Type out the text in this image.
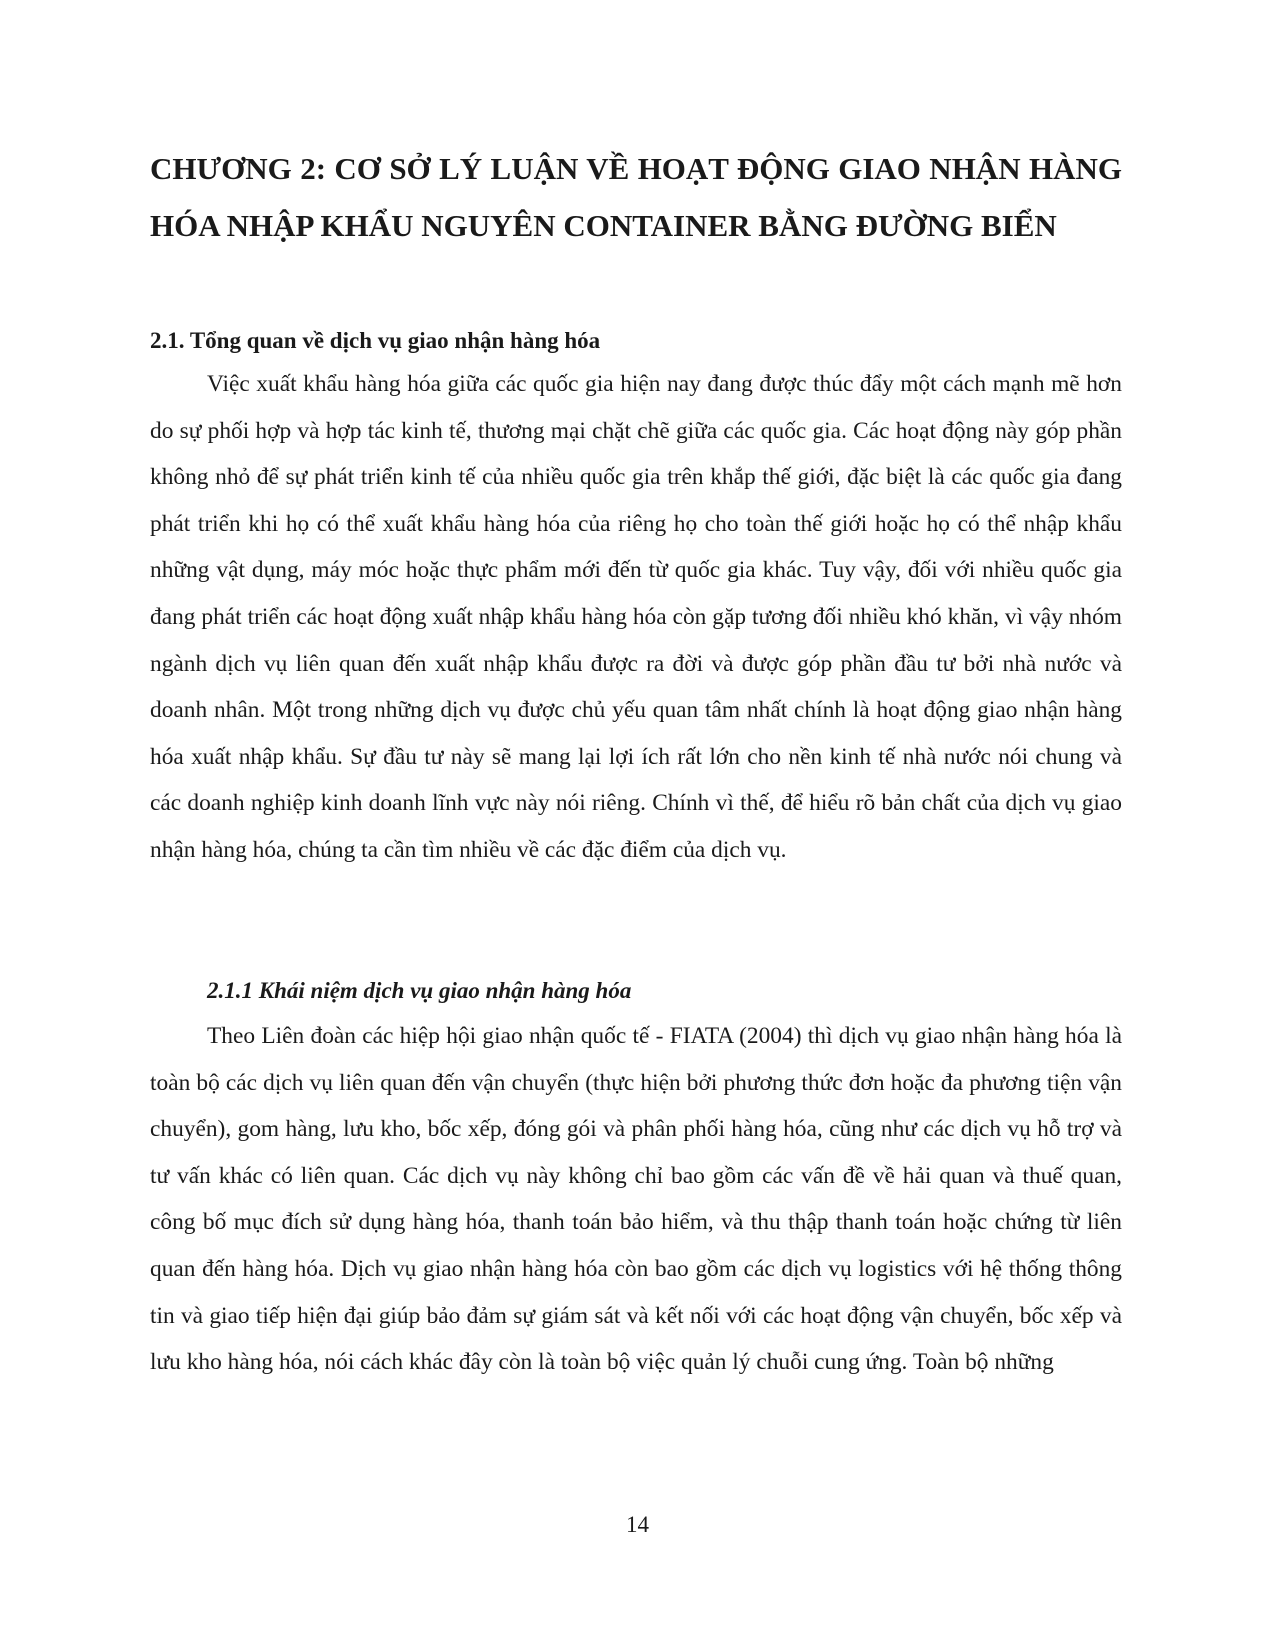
CHƯƠNG 2: CƠ SỞ LÝ LUẬN VỀ HOẠT ĐỘNG GIAO NHẬN HÀNG HÓA NHẬP KHẨU NGUYÊN CONTAINER BẰNG ĐƯỜNG BIỂN
2.1. Tổng quan về dịch vụ giao nhận hàng hóa

Việc xuất khẩu hàng hóa giữa các quốc gia hiện nay đang được thúc đẩy một cách mạnh mẽ hơn do sự phối hợp và hợp tác kinh tế, thương mại chặt chẽ giữa các quốc gia. Các hoạt động này góp phần không nhỏ để sự phát triển kinh tế của nhiều quốc gia trên khắp thế giới, đặc biệt là các quốc gia đang phát triển khi họ có thể xuất khẩu hàng hóa của riêng họ cho toàn thế giới hoặc họ có thể nhập khẩu những vật dụng, máy móc hoặc thực phẩm mới đến từ quốc gia khác. Tuy vậy, đối với nhiều quốc gia đang phát triển các hoạt động xuất nhập khẩu hàng hóa còn gặp tương đối nhiều khó khăn, vì vậy nhóm ngành dịch vụ liên quan đến xuất nhập khẩu được ra đời và được góp phần đầu tư bởi nhà nước và doanh nhân. Một trong những dịch vụ được chủ yếu quan tâm nhất chính là hoạt động giao nhận hàng hóa xuất nhập khẩu. Sự đầu tư này sẽ mang lại lợi ích rất lớn cho nền kinh tế nhà nước nói chung và các doanh nghiệp kinh doanh lĩnh vực này nói riêng. Chính vì thế, để hiểu rõ bản chất của dịch vụ giao nhận hàng hóa, chúng ta cần tìm nhiều về các đặc điểm của dịch vụ.

2.1.1 Khái niệm dịch vụ giao nhận hàng hóa

Theo Liên đoàn các hiệp hội giao nhận quốc tế - FIATA (2004) thì dịch vụ giao nhận hàng hóa là toàn bộ các dịch vụ liên quan đến vận chuyển (thực hiện bởi phương thức đơn hoặc đa phương tiện vận chuyển), gom hàng, lưu kho, bốc xếp, đóng gói và phân phối hàng hóa, cũng như các dịch vụ hỗ trợ và tư vấn khác có liên quan. Các dịch vụ này không chỉ bao gồm các vấn đề về hải quan và thuế quan, công bố mục đích sử dụng hàng hóa, thanh toán bảo hiểm, và thu thập thanh toán hoặc chứng từ liên quan đến hàng hóa. Dịch vụ giao nhận hàng hóa còn bao gồm các dịch vụ logistics với hệ thống thông tin và giao tiếp hiện đại giúp bảo đảm sự giám sát và kết nối với các hoạt động vận chuyển, bốc xếp và lưu kho hàng hóa, nói cách khác đây còn là toàn bộ việc quản lý chuỗi cung ứng. Toàn bộ những

14
